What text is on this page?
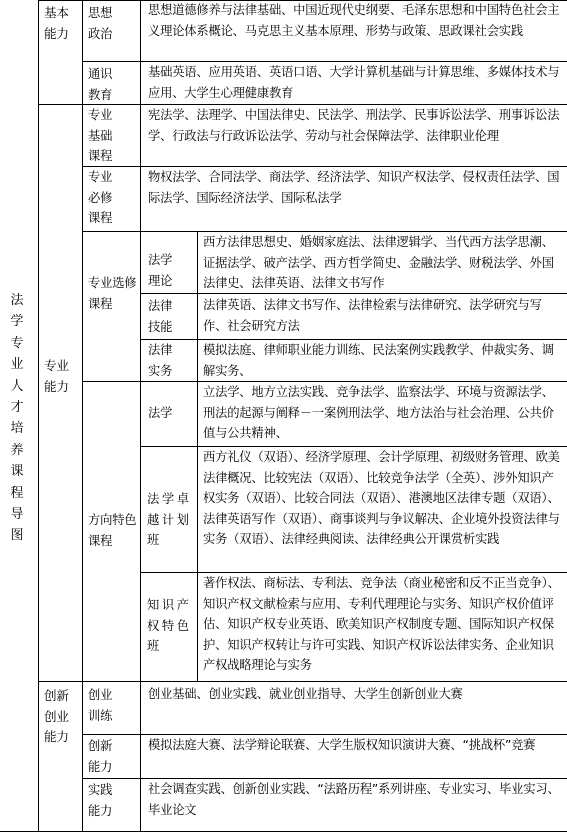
法学专业人才培养课程导图
基本能力
思想政治
思想道德修养与法律基础、中国近现代史纲要、毛泽东思想和中国特色社会主义理论体系概论、马克思主义基本原理、形势与政策、思政课社会实践
通识教育
基础英语、应用英语、英语口语、大学计算机基础与计算思维、多媒体技术与应用、大学生心理健康教育
专业能力
专业基础课程
宪法学、法理学、中国法律史、民法学、刑法学、民事诉讼法学、刑事诉讼法学、行政法与行政诉讼法学、劳动与社会保障法学、法律职业伦理
专业必修课程
物权法学、合同法学、商法学、经济法学、知识产权法学、侵权责任法学、国际法学、国际经济法学、国际私法学
专业选修课程
法学理论
西方法律思想史、婚姻家庭法、法律逻辑学、当代西方法学思潮、证据法学、破产法学、西方哲学简史、金融法学、财税法学、外国法律史、法律英语、法律文书写作
法律技能
法律英语、法律文书写作、法律检索与法律研究、法学研究与写作、社会研究方法
法律实务
模拟法庭、律师职业能力训练、民法案例实践教学、仲裁实务、调解实务、
方向特色课程
法学
立法学、地方立法实践、竞争法学、监察法学、环境与资源法学、刑法的起源与阐释－一案例刑法学、地方法治与社会治理、公共价值与公共精神、
法学卓越计划班
西方礼仪（双语）、经济学原理、会计学原理、初级财务管理、欧美法律概况、比较宪法（双语）、比较竞争法学（全英）、涉外知识产权实务（双语）、比较合同法（双语）、港澳地区法律专题（双语）、法律英语写作（双语）、商事谈判与争议解决、企业境外投资法律与实务（双语）、法律经典阅读、法律经典公开课赏析实践
知识产权特色班
著作权法、商标法、专利法、竞争法（商业秘密和反不正当竞争）、知识产权文献检索与应用、专利代理理论与实务、知识产权价值评估、知识产权专业英语、欧美知识产权制度专题、国际知识产权保护、知识产权转让与许可实践、知识产权诉讼法律实务、企业知识产权战略理论与实务
创新创业能力
创业训练
创业基础、创业实践、就业创业指导、大学生创新创业大赛
创新能力
模拟法庭大赛、法学辩论联赛、大学生版权知识演讲大赛、“挑战杯”竞赛
实践能力
社会调查实践、创新创业实践、“法路历程”系列讲座、专业实习、毕业实习、毕业论文
